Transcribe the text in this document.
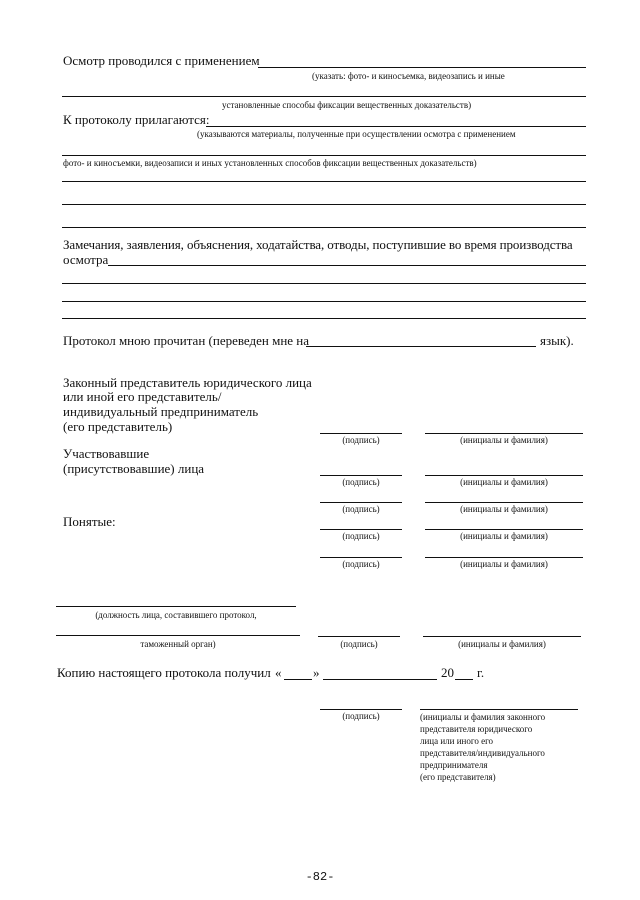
Осмотр проводился с применением
(указать: фото- и киносъемка, видеозапись и иные
установленные способы фиксации вещественных доказательств)
К протоколу прилагаются:
(указываются материалы, полученные при осуществлении осмотра с применением
фото- и киносъемки, видеозаписи и иных установленных способов фиксации вещественных доказательств)
Замечания, заявления, объяснения, ходатайства, отводы, поступившие во время производства
осмотра
Протокол мною прочитан (переведен мне на	язык).
Законный представитель юридического лица
или иной его представитель/
индивидуальный предприниматель
(его представитель)
(подпись)	(инициалы и фамилия)
Участвовавшие
(присутствовавшие) лица
(подпись)	(инициалы и фамилия)
(подпись)	(инициалы и фамилия)
Понятые:
(подпись)	(инициалы и фамилия)
(подпись)	(инициалы и фамилия)
(должность лица, составившего протокол,
таможенный орган)	(подпись)	(инициалы и фамилия)
Копию настоящего протокола получил « »	20 г.
(подпись)	(инициалы и фамилия законного
представителя юридического
лица или иного его
представителя/индивидуального
предпринимателя
(его представителя)
-82-
